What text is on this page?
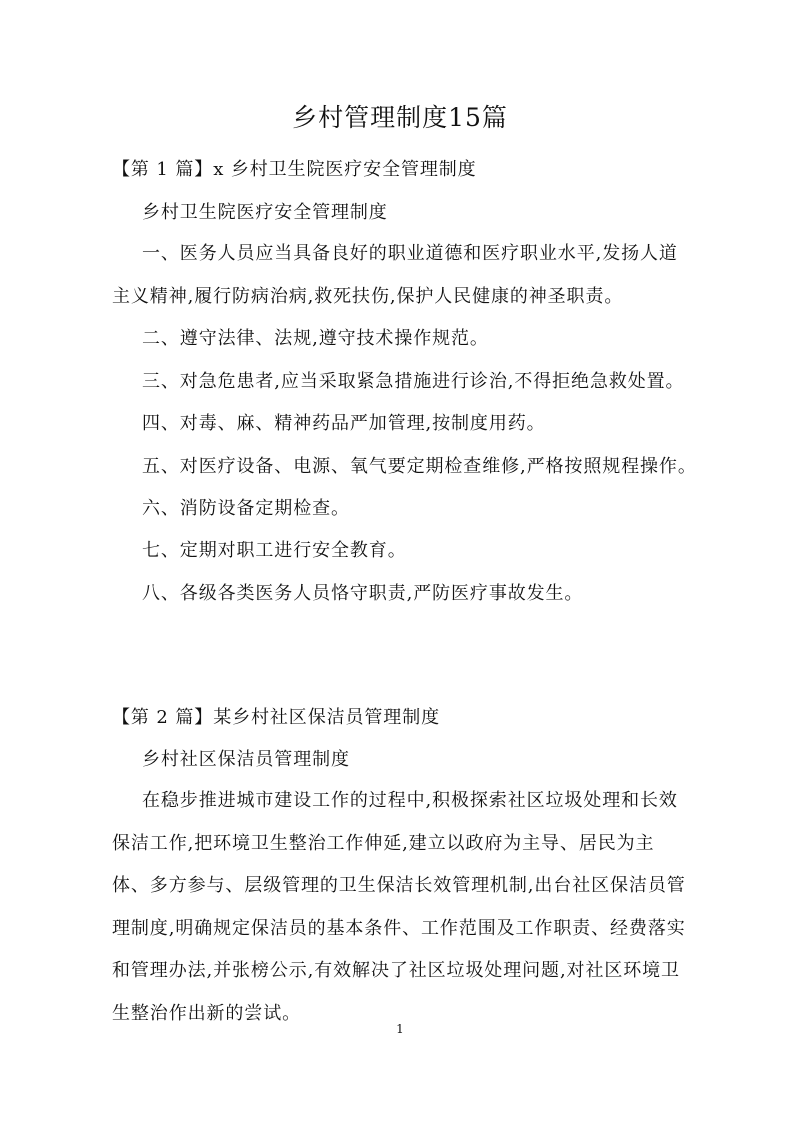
乡村管理制度15篇
【第 1 篇】x 乡村卫生院医疗安全管理制度
乡村卫生院医疗安全管理制度

一、医务人员应当具备良好的职业道德和医疗职业水平,发扬人道主义精神,履行防病治病,救死扶伤,保护人民健康的神圣职责。

二、遵守法律、法规,遵守技术操作规范。
三、对急危患者,应当采取紧急措施进行诊治,不得拒绝急救处置。
四、对毒、麻、精神药品严加管理,按制度用药。
五、对医疗设备、电源、氧气要定期检查维修,严格按照规程操作。
六、消防设备定期检查。
七、定期对职工进行安全教育。
八、各级各类医务人员恪守职责,严防医疗事故发生。
【第 2 篇】某乡村社区保洁员管理制度
乡村社区保洁员管理制度

在稳步推进城市建设工作的过程中,积极探索社区垃圾处理和长效保洁工作,把环境卫生整治工作伸延,建立以政府为主导、居民为主体、多方参与、层级管理的卫生保洁长效管理机制,出台社区保洁员管理制度,明确规定保洁员的基本条件、工作范围及工作职责、经费落实和管理办法,并张榜公示,有效解决了社区垃圾处理问题,对社区环境卫生整治作出新的尝试。

1
